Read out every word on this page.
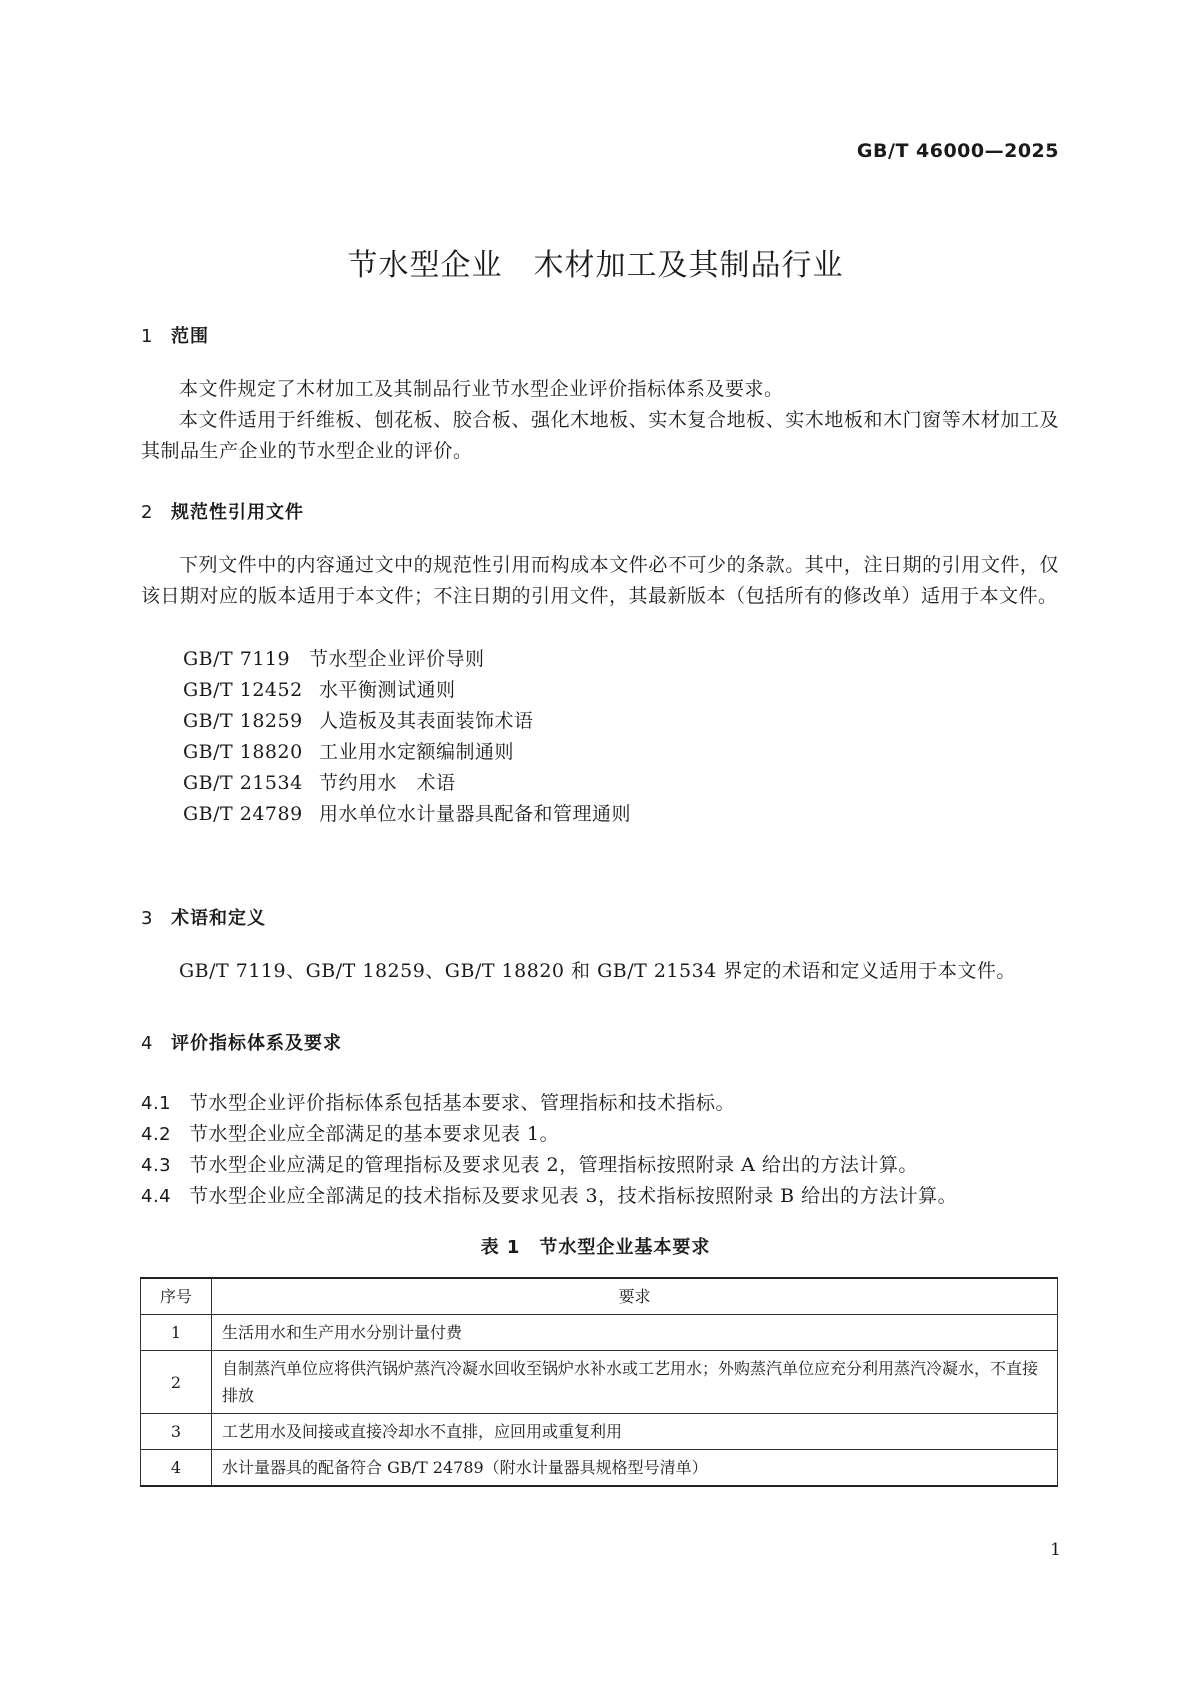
GB/T 46000—2025
节水型企业　木材加工及其制品行业
1 范围
本文件规定了木材加工及其制品行业节水型企业评价指标体系及要求。
本文件适用于纤维板、刨花板、胶合板、强化木地板、实木复合地板、实木地板和木门窗等木材加工及其制品生产企业的节水型企业的评价。
2 规范性引用文件
下列文件中的内容通过文中的规范性引用而构成本文件必不可少的条款。其中，注日期的引用文件，仅该日期对应的版本适用于本文件；不注日期的引用文件，其最新版本（包括所有的修改单）适用于本文件。
GB/T 7119 节水型企业评价导则
GB/T 12452 水平衡测试通则
GB/T 18259 人造板及其表面装饰术语
GB/T 18820 工业用水定额编制通则
GB/T 21534 节约用水　术语
GB/T 24789 用水单位水计量器具配备和管理通则
3 术语和定义
GB/T 7119、GB/T 18259、GB/T 18820 和 GB/T 21534 界定的术语和定义适用于本文件。
4 评价指标体系及要求
4.1 节水型企业评价指标体系包括基本要求、管理指标和技术指标。
4.2 节水型企业应全部满足的基本要求见表 1。
4.3 节水型企业应满足的管理指标及要求见表 2，管理指标按照附录 A 给出的方法计算。
4.4 节水型企业应全部满足的技术指标及要求见表 3，技术指标按照附录 B 给出的方法计算。
表 1　节水型企业基本要求
序号	要求
1	生活用水和生产用水分别计量付费
2	自制蒸汽单位应将供汽锅炉蒸汽冷凝水回收至锅炉水补水或工艺用水；外购蒸汽单位应充分利用蒸汽冷凝水，不直接排放
3	工艺用水及间接或直接冷却水不直排，应回用或重复利用
4	水计量器具的配备符合 GB/T 24789（附水计量器具规格型号清单）
1
